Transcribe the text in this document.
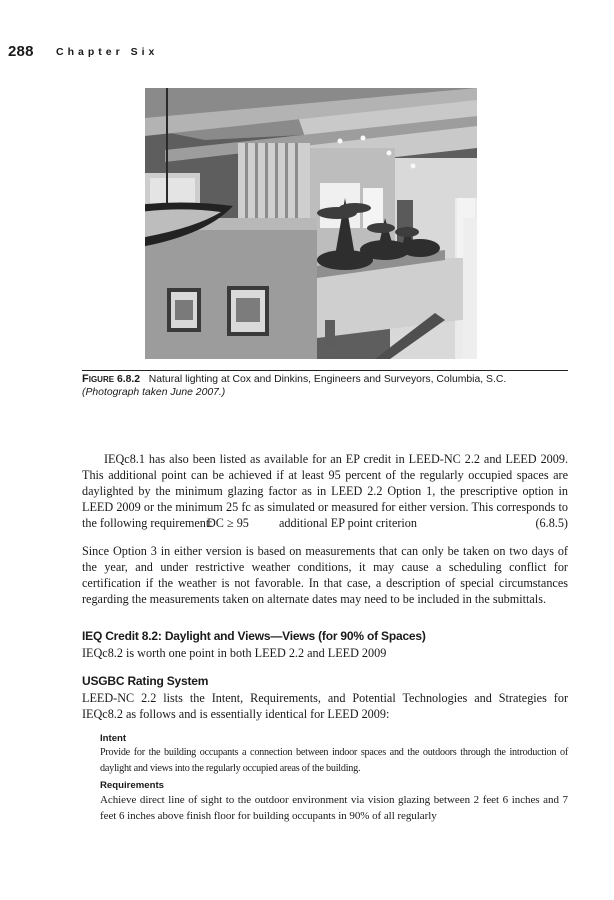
288 Chapter Six
Figure 6.8.2 Natural lighting at Cox and Dinkins, Engineers and Surveyors, Columbia, S.C.
(Photograph taken June 2007.)
IEQc8.1 has also been listed as available for an EP credit in LEED-NC 2.2 and LEED 2009. This additional point can be achieved if at least 95 percent of the regularly occupied spaces are daylighted by the minimum glazing factor as in LEED 2.2 Option 1, the prescriptive option in LEED 2009 or the minimum 25 fc as simulated or measured for either version. This corresponds to the following requirement:
DC ≥ 95 additional EP point criterion	(6.8.5)
Since Option 3 in either version is based on measurements that can only be taken on two days of the year, and under restrictive weather conditions, it may cause a scheduling conflict for certification if the weather is not favorable. In that case, a description of special circumstances regarding the measurements taken on alternate dates may need to be included in the submittals.
IEQ Credit 8.2: Daylight and Views—Views (for 90% of Spaces)
IEQc8.2 is worth one point in both LEED 2.2 and LEED 2009
USGBC Rating System
LEED-NC 2.2 lists the Intent, Requirements, and Potential Technologies and Strategies for IEQc8.2 as follows and is essentially identical for LEED 2009:
Intent
Provide for the building occupants a connection between indoor spaces and the outdoors through the introduction of daylight and views into the regularly occupied areas of the building.
Requirements
Achieve direct line of sight to the outdoor environment via vision glazing between 2 feet 6 inches and 7 feet 6 inches above finish floor for building occupants in 90% of all regularly
